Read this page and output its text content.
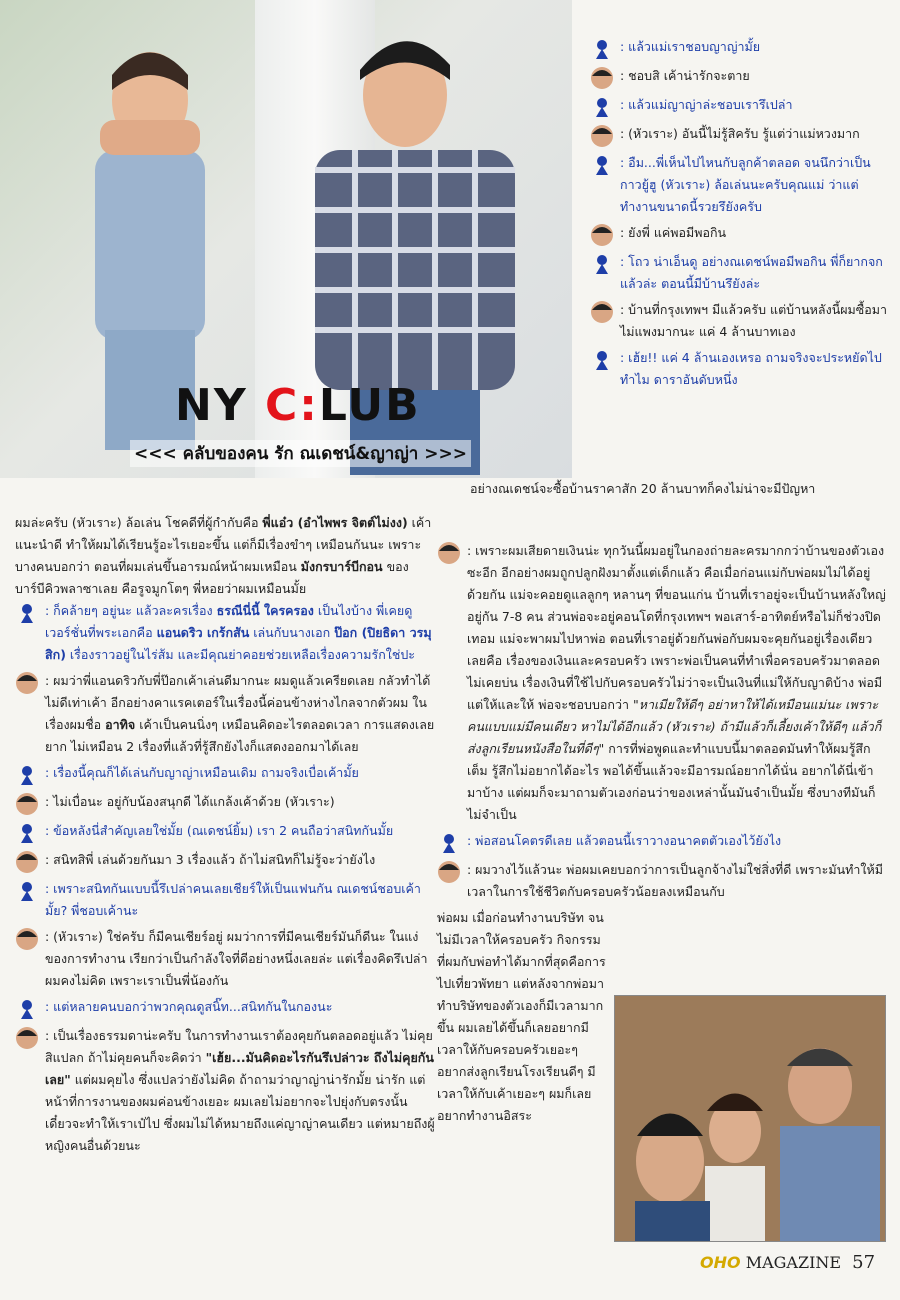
NY C:LUB
<<< คลับของคน รัก ณเดชน์&ญาญ่า >>>
: แล้วแม่เราชอบญาญ่ามั้ย
: ชอบสิ เค้าน่ารักจะตาย
: แล้วแม่ญาญ่าล่ะชอบเรารึเปล่า
: (หัวเราะ) อันนี้ไม่รู้สิครับ รู้แต่ว่าแม่หวงมาก
: อืม...พี่เห็นไปไหนกับลูกค้าตลอด จนนึกว่าเป็นกาวยู้ฮู (หัวเราะ) ล้อเล่นนะครับคุณแม่ ว่าแต่ทำงานขนาดนี้รวยรึยังครับ
: ยังพี่ แค่พอมีพอกิน
: โถว น่าเอ็นดู อย่างณเดชน์พอมีพอกิน พี่ก็ยากจกแล้วล่ะ ตอนนี้มีบ้านรึยังล่ะ
: บ้านที่กรุงเทพฯ มีแล้วครับ แต่บ้านหลังนี้ผมซื้อมาไม่แพงมากนะ แค่ 4 ล้านบาทเอง
: เฮ้ย!! แค่ 4 ล้านเองเหรอ ถามจริงจะประหยัดไปทำไม ดาราอันดับหนึ่ง
อย่างณเดชน์จะซื้อบ้านราคาสัก 20 ล้านบาทก็คงไม่น่าจะมีปัญหา
ผมล่ะครับ (หัวเราะ) ล้อเล่น โชคดีที่ผู้กำกับคือ พี่แอ๋ว (อำไพพร จิตต์ไม่งง) เค้าแนะนำดี ทำให้ผมได้เรียนรู้อะไรเยอะขึ้น แต่ก็มีเรื่องขำๆ เหมือนกันนะ เพราะบางคนบอกว่า ตอนที่ผมเล่นขึ้นอารมณ์หน้าผมเหมือน มังกรบาร์บีกอน ของบาร์บีคิวพลาซาเลย คือรูจมูกโตๆ พี่หอยว่าผมเหมือนมั้ย
: ก็คล้ายๆ อยู่นะ แล้วละครเรื่อง ธรณีนี่นี้ ใครครอง เป็นไงบ้าง พี่เคยดูเวอร์ชั่นที่พระเอกคือ แอนดริว เกร้กสัน เล่นกับนางเอก ป๊อก (ปิยธิดา วรมุสิก) เรื่องราวอยู่ในไร่ส้ม และมีคุณย่าคอยช่วยเหลือเรื่องความรักใช่ปะ
: ผมว่าพี่แอนดริวกับพี่ป๊อกเค้าเล่นดีมากนะ ผมดูแล้วเครียดเลย กลัวทำได้ไม่ดีเท่าเค้า อีกอย่างคาแรคเตอร์ในเรื่องนี้ค่อนข้างห่างไกลจากตัวผม ในเรื่องผมชื่อ อาทิจ เค้าเป็นคนนิ่งๆ เหมือนคิดอะไรตลอดเวลา การแสดงเลยยาก ไม่เหมือน 2 เรื่องที่แล้วที่รู้สึกยังไงก็แสดงออกมาได้เลย
: เรื่องนี้คุณก็ได้เล่นกับญาญ่าเหมือนเดิม ถามจริงเบื่อเค้ามั้ย
: ไม่เบื่อนะ อยู่กับน้องสนุกดี ได้แกล้งเค้าด้วย (หัวเราะ)
: ข้อหลังนี่สำคัญเลยใช่มั้ย (ณเดชน์ยิ้ม) เรา 2 คนถือว่าสนิทกันมั้ย
: สนิทสิพี่ เล่นด้วยกันมา 3 เรื่องแล้ว ถ้าไม่สนิทก็ไม่รู้จะว่ายังไง
: เพราะสนิทกันแบบนี้รึเปล่าคนเลยเชียร์ให้เป็นแฟนกัน ณเดชน์ชอบเค้ามั้ย? พี่ชอบเค้านะ
: (หัวเราะ) ใช่ครับ ก็มีคนเชียร์อยู่ ผมว่าการที่มีคนเชียร์มันก็ดีนะ ในแง่ของการทำงาน เรียกว่าเป็นกำลังใจที่ดีอย่างหนึ่งเลยล่ะ แต่เรื่องคิดรึเปล่า ผมคงไม่คิด เพราะเราเป็นพี่น้องกัน
: แต่หลายคนบอกว่าพวกคุณดูสนิ๊ท...สนิทกันในกองนะ
: เป็นเรื่องธรรมดาน่ะครับ ในการทำงานเราต้องคุยกันตลอดอยู่แล้ว ไม่คุยสิแปลก ถ้าไม่คุยคนก็จะคิดว่า "เฮ้ย...มันคิดอะไรกันรึเปล่าวะ ถึงไม่คุยกันเลย" แต่ผมคุยไง ซึ่งแปลว่ายังไม่คิด ถ้าถามว่าญาญ่าน่ารักมั้ย น่ารัก แต่หน้าที่การงานของผมค่อนข้างเยอะ ผมเลยไม่อยากจะไปยุ่งกับตรงนั้น เดี๋ยวจะทำให้เราเป๋ไป ซึ่งผมไม่ได้หมายถึงแค่ญาญ่าคนเดียว แต่หมายถึงผู้หญิงคนอื่นด้วยนะ
: เพราะผมเสียดายเงินน่ะ ทุกวันนี้ผมอยู่ในกองถ่ายละครมากกว่าบ้านของตัวเองซะอีก อีกอย่างผมถูกปลูกฝังมาตั้งแต่เด็กแล้ว คือเมื่อก่อนแม่กับพ่อผมไม่ได้อยู่ด้วยกัน แม่จะคอยดูแลลูกๆ หลานๆ ที่ขอนแก่น บ้านที่เราอยู่จะเป็นบ้านหลังใหญ่ อยู่กัน 7-8 คน ส่วนพ่อจะอยู่คอนโดที่กรุงเทพฯ พอเสาร์-อาทิตย์หรือไม่ก็ช่วงปิดเทอม แม่จะพาผมไปหาพ่อ ตอนที่เราอยู่ด้วยกันพ่อกับผมจะคุยกันอยู่เรื่องเดียวเลยคือ เรื่องของเงินและครอบครัว เพราะพ่อเป็นคนที่ทำเพื่อครอบครัวมาตลอด ไม่เคยบ่น เรื่องเงินที่ใช้ไปกับครอบครัวไม่ว่าจะเป็นเงินที่แม่ให้กับญาติบ้าง พ่อมีแต่ให้และให้ พ่อจะชอบบอกว่า "หาเมียให้ดีๆ อย่าหาให้ได้เหมือนแม่นะ เพราะคนแบบแม่มีคนเดียว หาไม่ได้อีกแล้ว (หัวเราะ) ถ้ามีแล้วก็เลี้ยงเค้าให้ดีๆ แล้วก็ส่งลูกเรียนหนังสือในที่ดีๆ" การที่พ่อพูดและทำแบบนี้มาตลอดมันทำให้ผมรู้สึกเต็ม รู้สึกไม่อยากได้อะไร พอได้ขึ้นแล้วจะมีอารมณ์อยากได้นั่น อยากได้นี่เข้ามาบ้าง แต่ผมก็จะมาถามตัวเองก่อนว่าของเหล่านั้นมันจำเป็นมั้ย ซึ่งบางทีมันก็ไม่จำเป็น
: พ่อสอนโคตรดีเลย แล้วตอนนี้เราวางอนาคตตัวเองไว้ยังไง
: ผมวางไว้แล้วนะ พ่อผมเคยบอกว่าการเป็นลูกจ้างไม่ใช่สิ่งที่ดี เพราะมันทำให้มีเวลาในการใช้ชีวิตกับครอบครัวน้อยลงเหมือนกับ
พ่อผม เมื่อก่อนทำงานบริษัท จนไม่มีเวลาให้ครอบครัว กิจกรรมที่ผมกับพ่อทำได้มากที่สุดคือการไปเที่ยวพัทยา แต่หลังจากพ่อมาทำบริษัทของตัวเองก็มีเวลามากขึ้น ผมเลยได้ขึ้นก็เลยอยากมีเวลาให้กับครอบครัวเยอะๆ อยากส่งลูกเรียนโรงเรียนดีๆ มีเวลาให้กับเค้าเยอะๆ ผมก็เลยอยากทำงานอิสระ
OHO MAGAZINE 57
